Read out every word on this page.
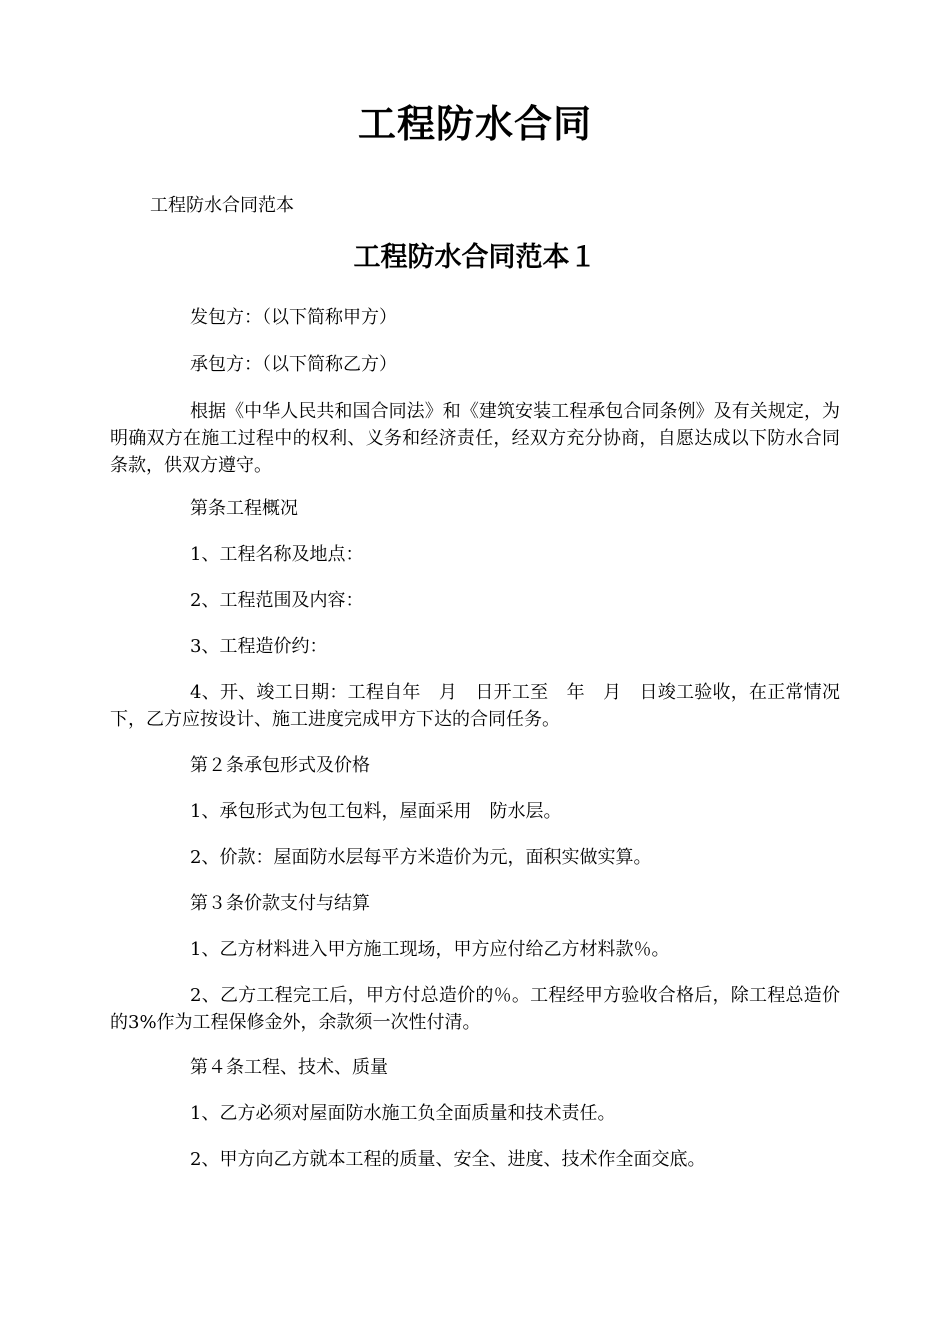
工程防水合同
工程防水合同范本
工程防水合同范本１

发包方：（以下简称甲方）

承包方：（以下简称乙方）

根据《中华人民共和国合同法》和《建筑安装工程承包合同条例》及有关规定，为明确双方在施工过程中的权利、义务和经济责任，经双方充分协商，自愿达成以下防水合同条款，供双方遵守。

第条工程概况

1、工程名称及地点：

2、工程范围及内容：

3、工程造价约：

4、开、竣工日期：工程自年　月　日开工至　年　月　日竣工验收，在正常情况下，乙方应按设计、施工进度完成甲方下达的合同任务。

第２条承包形式及价格

1、承包形式为包工包料，屋面采用　防水层。

2、价款：屋面防水层每平方米造价为元，面积实做实算。

第３条价款支付与结算

1、乙方材料进入甲方施工现场，甲方应付给乙方材料款％。

2、乙方工程完工后，甲方付总造价的％。工程经甲方验收合格后，除工程总造价的3%作为工程保修金外，余款须一次性付清。

第４条工程、技术、质量

1、乙方必须对屋面防水施工负全面质量和技术责任。

2、甲方向乙方就本工程的质量、安全、进度、技术作全面交底。
